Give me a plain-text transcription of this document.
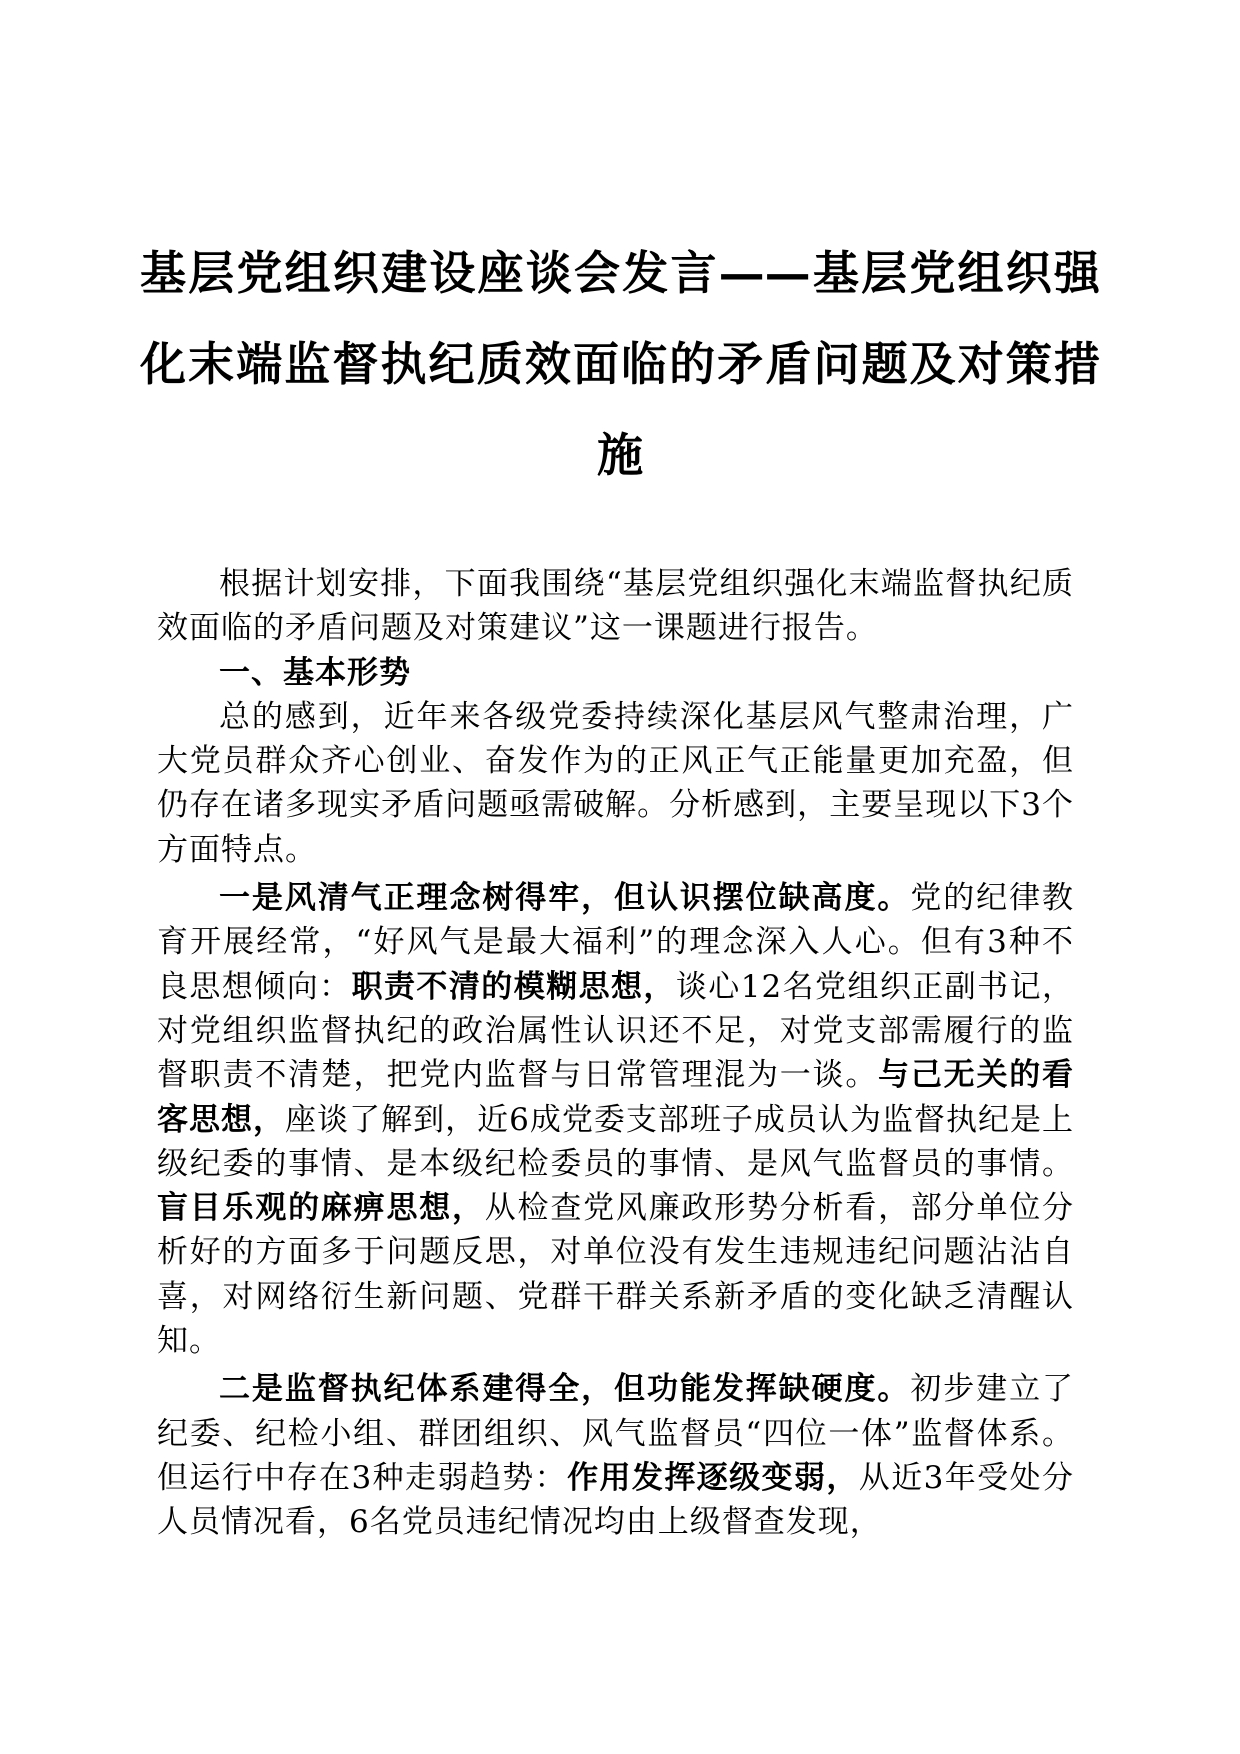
基层党组织建设座谈会发言——基层党组织强化末端监督执纪质效面临的矛盾问题及对策措施

根据计划安排，下面我围绕“基层党组织强化末端监督执纪质效面临的矛盾问题及对策建议”这一课题进行报告。

一、基本形势

总的感到，近年来各级党委持续深化基层风气整肃治理，广大党员群众齐心创业、奋发作为的正风正气正能量更加充盈，但仍存在诸多现实矛盾问题亟需破解。分析感到，主要呈现以下3个方面特点。

一是风清气正理念树得牢，但认识摆位缺高度。党的纪律教育开展经常，“好风气是最大福利”的理念深入人心。但有3种不良思想倾向：职责不清的模糊思想，谈心12名党组织正副书记，对党组织监督执纪的政治属性认识还不足，对党支部需履行的监督职责不清楚，把党内监督与日常管理混为一谈。与己无关的看客思想，座谈了解到，近6成党委支部班子成员认为监督执纪是上级纪委的事情、是本级纪检委员的事情、是风气监督员的事情。盲目乐观的麻痹思想，从检查党风廉政形势分析看，部分单位分析好的方面多于问题反思，对单位没有发生违规违纪问题沾沾自喜，对网络衍生新问题、党群干群关系新矛盾的变化缺乏清醒认知。

二是监督执纪体系建得全，但功能发挥缺硬度。初步建立了纪委、纪检小组、群团组织、风气监督员“四位一体”监督体系。但运行中存在3种走弱趋势：作用发挥逐级变弱，从近3年受处分人员情况看，6名党员违纪情况均由上级督查发现，
